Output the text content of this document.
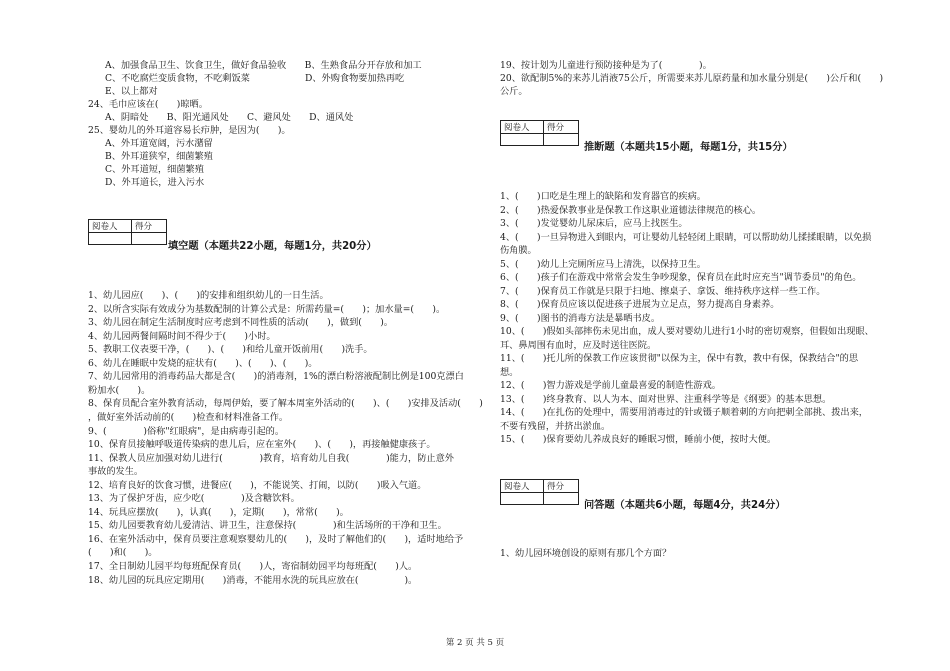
A、加强食品卫生、饮食卫生，做好食品验收　　B、生熟食品分开存放和加工
C、不吃腐烂变质食物，不吃剩饭菜　　　　　　D、外购食物要加热再吃
E、以上都对
24、毛巾应该在(　　)晾晒。
A、阴暗处　　B、阳光通风处　　C、避风处　　D、通风处
25、婴幼儿的外耳道容易长疖肿，是因为(　　)。
A、外耳道宽阔，污水潴留
B、外耳道狭窄，细菌繁殖
C、外耳道短，细菌繁殖
D、外耳道长，进入污水
阅卷人	得分

填空题（本题共22小题，每题1分，共20分）
1、幼儿园应(　　)、(　　)的安排和组织幼儿的一日生活。
2、以所含实际有效成分为基数配制的计算公式是：所需药量=(　　)；加水量=(　　)。
3、幼儿园在制定生活制度时应考虑到不同性质的活动(　　)，做到(　　)。
4、幼儿园两餐间隔时间不得少于(　　)小时。
5、教职工仪表要干净，(　　)、(　　)和给儿童开饭前用(　　)洗手。
6、幼儿在睡眠中发烧的症状有(　　)、(　　)、(　　)。
7、幼儿园常用的消毒药品大都是含(　　)的消毒剂，1%的漂白粉溶液配制比例是100克漂白
粉加水(　　)。
8、保育员配合室外教育活动，每周伊始，要了解本周室外活动的(　　)、(　　)安排及活动(　　)
，做好室外活动前的(　　)检查和材料准备工作。
9、(　　　　)俗称"红眼病"，是由病毒引起的。
10、保育员接触呼吸道传染病的患儿后，应在室外(　　)、(　　)，再接触健康孩子。
11、保教人员应加强对幼儿进行(　　　　)教育，培育幼儿自我(　　　　)能力，防止意外
事故的发生。
12、培育良好的饮食习惯，进餐应(　　)，不能说笑、打闹，以防(　　)吸入气道。
13、为了保护牙齿，应少吃(　　　　)及含糖饮料。
14、玩具应摆放(　　)，认真(　　)，定期(　　)，常常(　　)。
15、幼儿园要教育幼儿爱清洁、讲卫生，注意保持(　　　　)和生活场所的干净和卫生。
16、在室外活动中，保育员要注意观察婴幼儿的(　　)，及时了解他们的(　　)，适时地给予
(　　)和(　　)。
17、全日制幼儿园平均每班配保育员(　　)人，寄宿制幼园平均每班配(　　)人。
18、幼儿园的玩具应定期用(　　)消毒，不能用水洗的玩具应放在(　　　　　)。
19、按计划为儿童进行预防接种是为了(　　　　)。
20、欲配制5%的来苏儿消液75公斤，所需要来苏儿原药量和加水量分别是(　　)公斤和(　　)
公斤。
阅卷人	得分

推断题（本题共15小题，每题1分，共15分）
1、(　　)口吃是生理上的缺陷和发育器官的疾病。
2、(　　)热爱保教事业是保教工作这职业道德法律规范的核心。
3、(　　)发觉婴幼儿尿床后，应马上找医生。
4、(　　)一旦异物进入到眼内，可让婴幼儿轻轻闭上眼睛，可以帮助幼儿揉揉眼睛，以免损
伤角膜。
5、(　　)幼儿上完厕所应马上清洗，以保持卫生。
6、(　　)孩子们在游戏中常常会发生争吵现象，保育员在此时应充当"调节委员"的角色。
7、(　　)保育员工作就是只限于扫地、擦桌子、拿饭、维持秩序这样一些工作。
8、(　　)保育员应该以促进孩子进展为立足点，努力提高自身素养。
9、(　　)图书的消毒方法是暴晒书皮。
10、(　　)假如头部摔伤未见出血，成人要对婴幼儿进行1小时的密切观察，但假如出现眼、
耳、鼻周围有血时，应及时送往医院。
11、(　　)托儿所的保教工作应该贯彻"以保为主，保中有教，教中有保，保教结合"的思
想。
12、(　　)智力游戏是学前儿童最喜爱的制造性游戏。
13、(　　)终身教育、以人为本、面对世界、注重科学等是《纲要》的基本思想。
14、(　　)在扎伤的处理中，需要用消毒过的针或镊子顺着刺的方向把刺全部挑、拨出来，
不要有残留，并挤出淤血。
15、(　　)保育要幼儿养成良好的睡眠习惯，睡前小便，按时大便。
阅卷人	得分

问答题（本题共6小题，每题4分，共24分）
1、幼儿园环境创设的原则有那几个方面？
第 2 页 共 5 页
